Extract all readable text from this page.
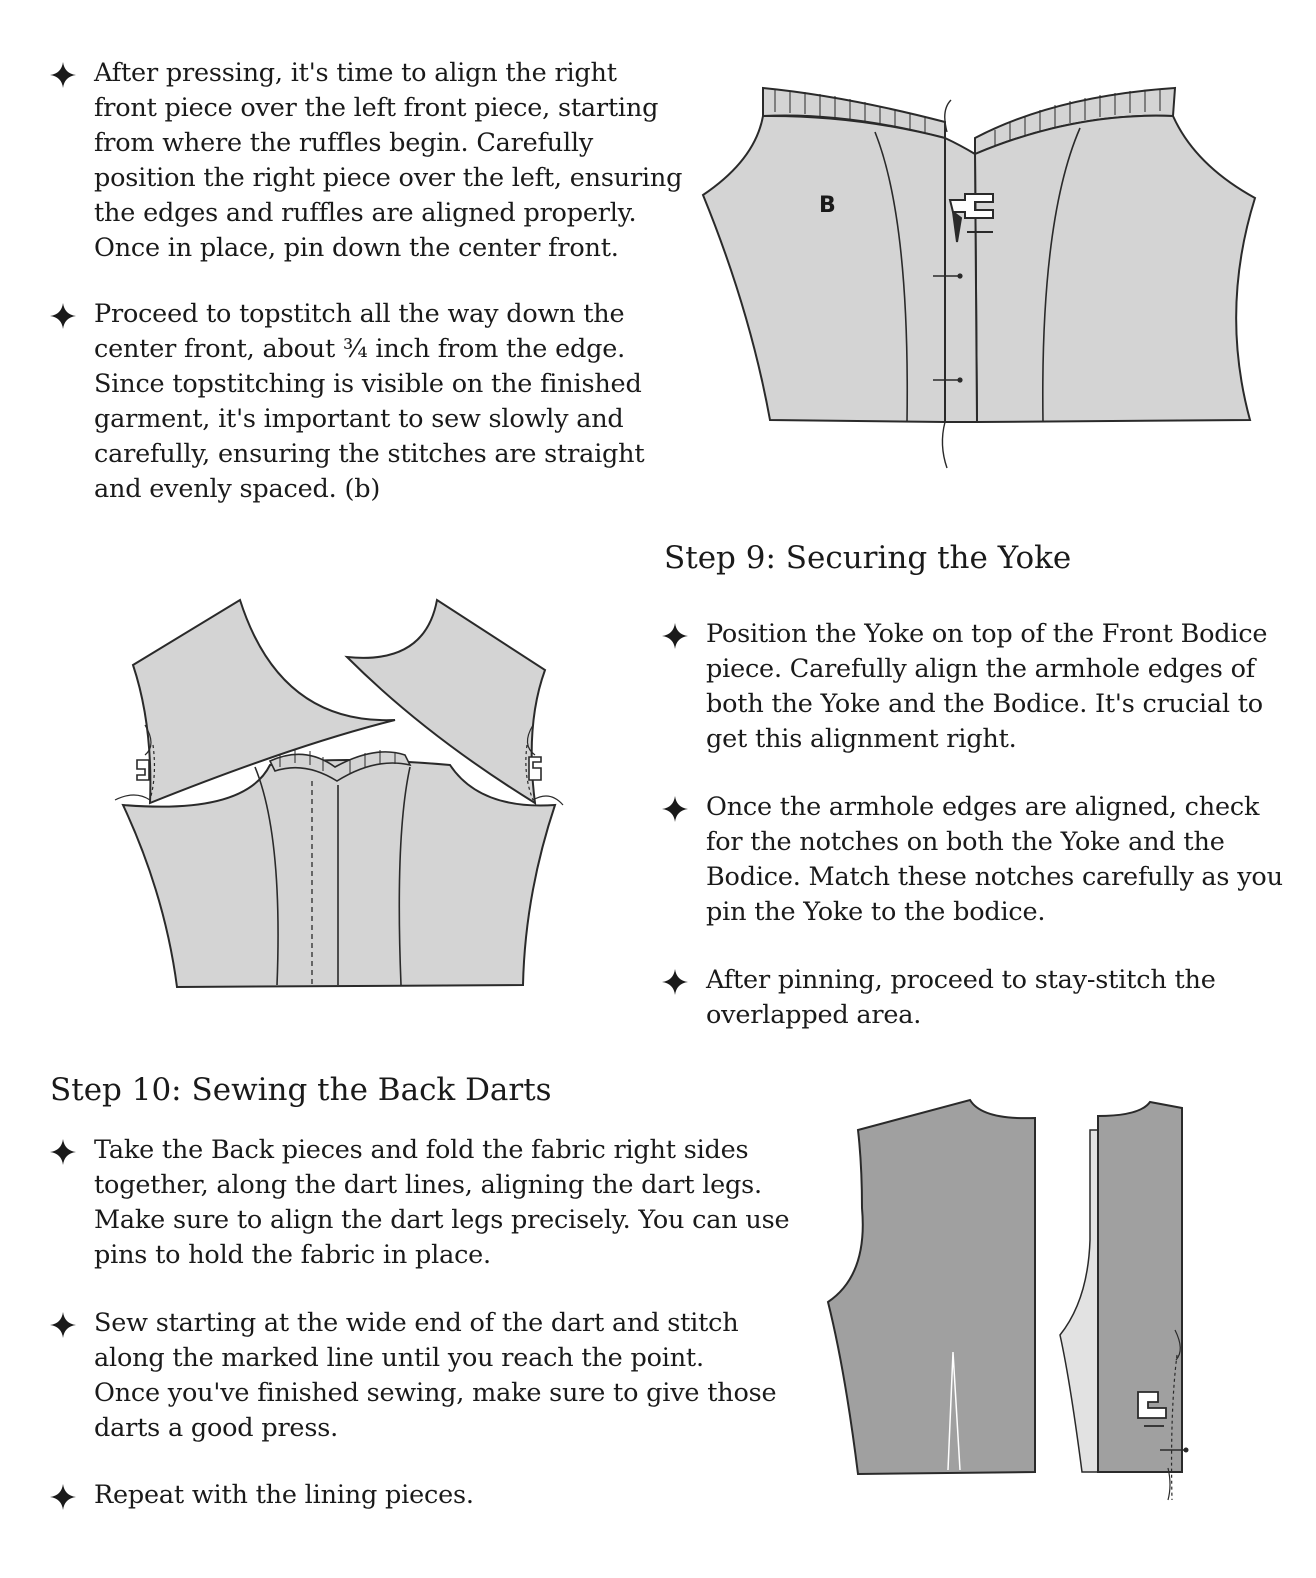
After pressing, it's time to align the right
front piece over the left front piece, starting
from where the ruffles begin. Carefully
position the right piece over the left, ensuring
the edges and ruffles are aligned properly.
Once in place, pin down the center front.
Proceed to topstitch all the way down the
center front, about ¾ inch from the edge.
Since topstitching is visible on the finished
garment, it's important to sew slowly and
carefully, ensuring the stitches are straight
and evenly spaced. (b)
B
Step 9: Securing the Yoke
Position the Yoke on top of the Front Bodice
piece. Carefully align the armhole edges of
both the Yoke and the Bodice. It's crucial to
get this alignment right.
Once the armhole edges are aligned, check
for the notches on both the Yoke and the
Bodice. Match these notches carefully as you
pin the Yoke to the bodice.
After pinning, proceed to stay-stitch the
overlapped area.
Step 10: Sewing the Back Darts
Take the Back pieces and fold the fabric right sides
together, along the dart lines, aligning the dart legs.
Make sure to align the dart legs precisely. You can use
pins to hold the fabric in place.
Sew starting at the wide end of the dart and stitch
along the marked line until you reach the point.
Once you've finished sewing, make sure to give those
darts a good press.
Repeat with the lining pieces.
